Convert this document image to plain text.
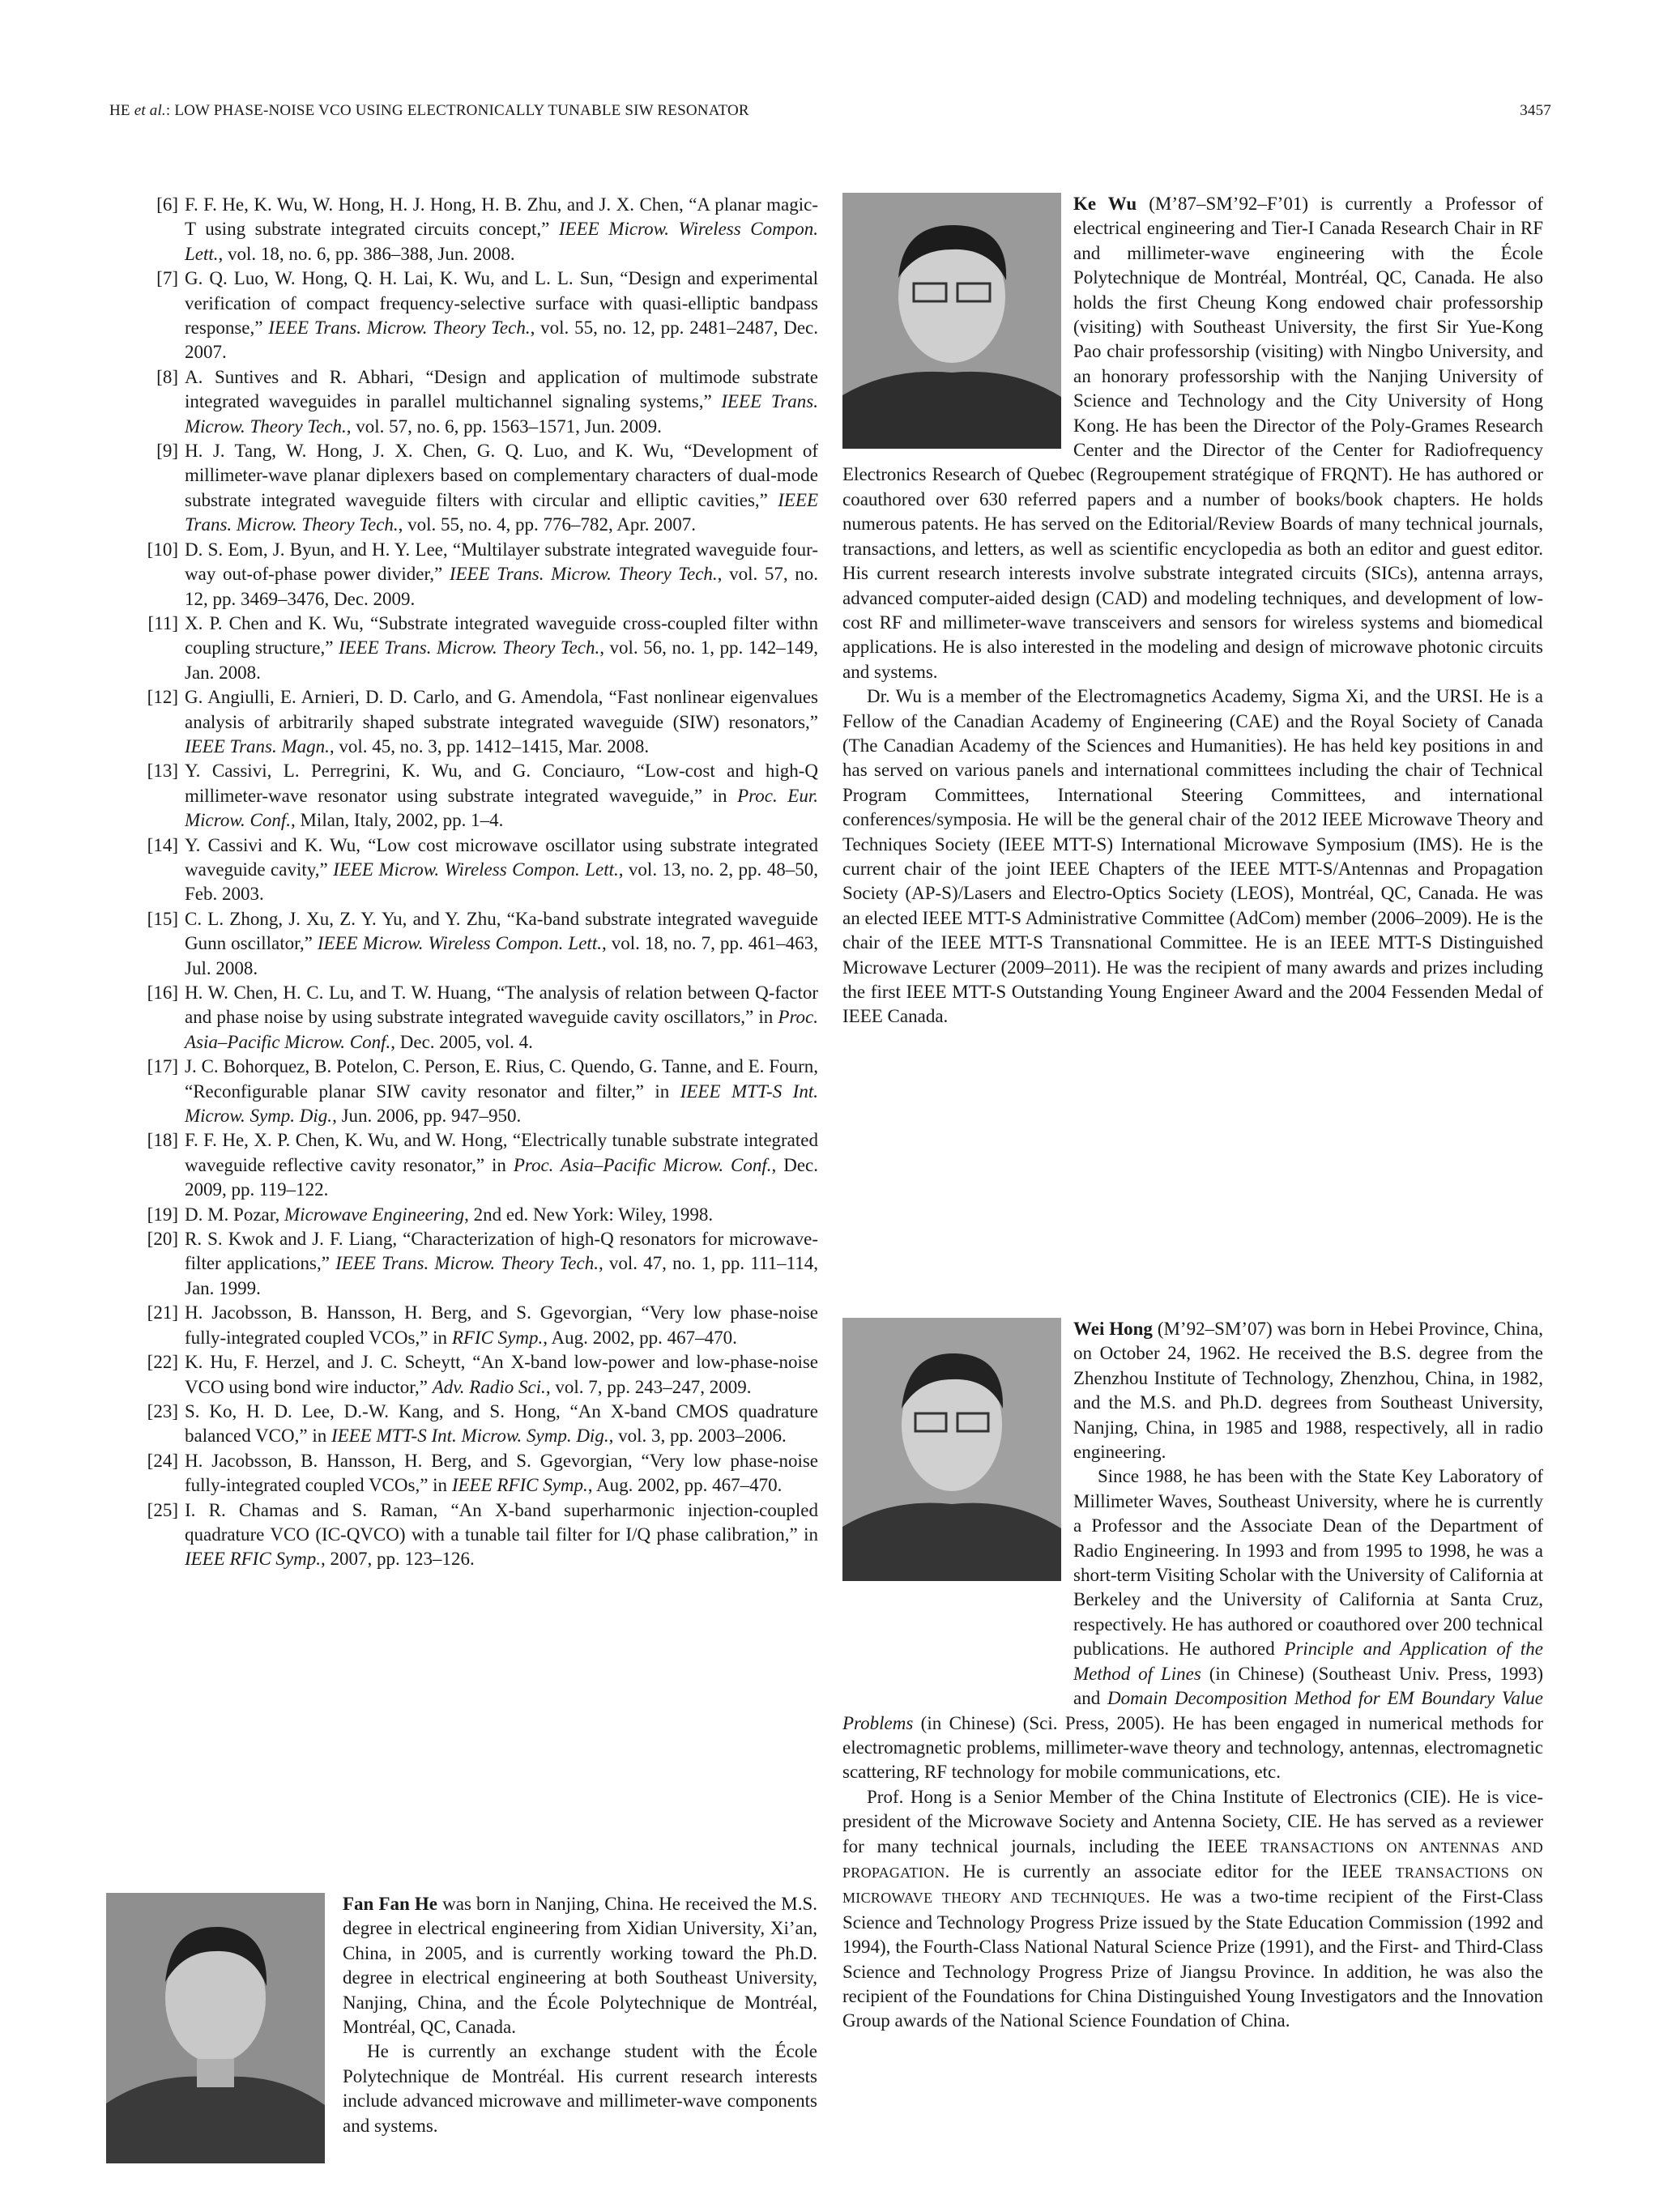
HE et al.: LOW PHASE-NOISE VCO USING ELECTRONICALLY TUNABLE SIW RESONATOR	3457

[6] F. F. He, K. Wu, W. Hong, H. J. Hong, H. B. Zhu, and J. X. Chen, “A planar magic-T using substrate integrated circuits concept,” IEEE Microw. Wireless Compon. Lett., vol. 18, no. 6, pp. 386–388, Jun. 2008.

[7] G. Q. Luo, W. Hong, Q. H. Lai, K. Wu, and L. L. Sun, “Design and experimental verification of compact frequency-selective surface with quasi-elliptic bandpass response,” IEEE Trans. Microw. Theory Tech., vol. 55, no. 12, pp. 2481–2487, Dec. 2007.

[8] A. Suntives and R. Abhari, “Design and application of multimode substrate integrated waveguides in parallel multichannel signaling systems,” IEEE Trans. Microw. Theory Tech., vol. 57, no. 6, pp. 1563–1571, Jun. 2009.

[9] H. J. Tang, W. Hong, J. X. Chen, G. Q. Luo, and K. Wu, “Development of millimeter-wave planar diplexers based on complementary characters of dual-mode substrate integrated waveguide filters with circular and elliptic cavities,” IEEE Trans. Microw. Theory Tech., vol. 55, no. 4, pp. 776–782, Apr. 2007.

[10] D. S. Eom, J. Byun, and H. Y. Lee, “Multilayer substrate integrated waveguide four-way out-of-phase power divider,” IEEE Trans. Microw. Theory Tech., vol. 57, no. 12, pp. 3469–3476, Dec. 2009.

[11] X. P. Chen and K. Wu, “Substrate integrated waveguide cross-coupled filter withn coupling structure,” IEEE Trans. Microw. Theory Tech., vol. 56, no. 1, pp. 142–149, Jan. 2008.

[12] G. Angiulli, E. Arnieri, D. D. Carlo, and G. Amendola, “Fast nonlinear eigenvalues analysis of arbitrarily shaped substrate integrated waveguide (SIW) resonators,” IEEE Trans. Magn., vol. 45, no. 3, pp. 1412–1415, Mar. 2008.

[13] Y. Cassivi, L. Perregrini, K. Wu, and G. Conciauro, “Low-cost and high-Q millimeter-wave resonator using substrate integrated waveguide,” in Proc. Eur. Microw. Conf., Milan, Italy, 2002, pp. 1–4.

[14] Y. Cassivi and K. Wu, “Low cost microwave oscillator using substrate integrated waveguide cavity,” IEEE Microw. Wireless Compon. Lett., vol. 13, no. 2, pp. 48–50, Feb. 2003.

[15] C. L. Zhong, J. Xu, Z. Y. Yu, and Y. Zhu, “Ka-band substrate integrated waveguide Gunn oscillator,” IEEE Microw. Wireless Compon. Lett., vol. 18, no. 7, pp. 461–463, Jul. 2008.

[16] H. W. Chen, H. C. Lu, and T. W. Huang, “The analysis of relation between Q-factor and phase noise by using substrate integrated waveguide cavity oscillators,” in Proc. Asia–Pacific Microw. Conf., Dec. 2005, vol. 4.

[17] J. C. Bohorquez, B. Potelon, C. Person, E. Rius, C. Quendo, G. Tanne, and E. Fourn, “Reconfigurable planar SIW cavity resonator and filter,” in IEEE MTT-S Int. Microw. Symp. Dig., Jun. 2006, pp. 947–950.

[18] F. F. He, X. P. Chen, K. Wu, and W. Hong, “Electrically tunable substrate integrated waveguide reflective cavity resonator,” in Proc. Asia–Pacific Microw. Conf., Dec. 2009, pp. 119–122.

[19] D. M. Pozar, Microwave Engineering, 2nd ed. New York: Wiley, 1998.

[20] R. S. Kwok and J. F. Liang, “Characterization of high-Q resonators for microwave-filter applications,” IEEE Trans. Microw. Theory Tech., vol. 47, no. 1, pp. 111–114, Jan. 1999.

[21] H. Jacobsson, B. Hansson, H. Berg, and S. Ggevorgian, “Very low phase-noise fully-integrated coupled VCOs,” in RFIC Symp., Aug. 2002, pp. 467–470.

[22] K. Hu, F. Herzel, and J. C. Scheytt, “An X-band low-power and low-phase-noise VCO using bond wire inductor,” Adv. Radio Sci., vol. 7, pp. 243–247, 2009.

[23] S. Ko, H. D. Lee, D.-W. Kang, and S. Hong, “An X-band CMOS quadrature balanced VCO,” in IEEE MTT-S Int. Microw. Symp. Dig., vol. 3, pp. 2003–2006.

[24] H. Jacobsson, B. Hansson, H. Berg, and S. Ggevorgian, “Very low phase-noise fully-integrated coupled VCOs,” in IEEE RFIC Symp., Aug. 2002, pp. 467–470.

[25] I. R. Chamas and S. Raman, “An X-band superharmonic injection-coupled quadrature VCO (IC-QVCO) with a tunable tail filter for I/Q phase calibration,” in IEEE RFIC Symp., 2007, pp. 123–126.

Fan Fan He was born in Nanjing, China. He received the M.S. degree in electrical engineering from Xidian University, Xi’an, China, in 2005, and is currently working toward the Ph.D. degree in electrical engineering at both Southeast University, Nanjing, China, and the École Polytechnique de Montréal, Montréal, QC, Canada.

He is currently an exchange student with the École Polytechnique de Montréal. His current research interests include advanced microwave and millimeter-wave components and systems.

Ke Wu (M’87–SM’92–F’01) is currently a Professor of electrical engineering and Tier-I Canada Research Chair in RF and millimeter-wave engineering with the École Polytechnique de Montréal, Montréal, QC, Canada. He also holds the first Cheung Kong endowed chair professorship (visiting) with Southeast University, the first Sir Yue-Kong Pao chair professorship (visiting) with Ningbo University, and an honorary professorship with the Nanjing University of Science and Technology and the City University of Hong Kong. He has been the Director of the Poly-Grames Research Center and the Director of the Center for Radiofrequency Electronics Research of Quebec (Regroupement stratégique of FRQNT). He has authored or coauthored over 630 referred papers and a number of books/book chapters. He holds numerous patents. He has served on the Editorial/Review Boards of many technical journals, transactions, and letters, as well as scientific encyclopedia as both an editor and guest editor. His current research interests involve substrate integrated circuits (SICs), antenna arrays, advanced computer-aided design (CAD) and modeling techniques, and development of low-cost RF and millimeter-wave transceivers and sensors for wireless systems and biomedical applications. He is also interested in the modeling and design of microwave photonic circuits and systems.

Dr. Wu is a member of the Electromagnetics Academy, Sigma Xi, and the URSI. He is a Fellow of the Canadian Academy of Engineering (CAE) and the Royal Society of Canada (The Canadian Academy of the Sciences and Humanities). He has held key positions in and has served on various panels and international committees including the chair of Technical Program Committees, International Steering Committees, and international conferences/symposia. He will be the general chair of the 2012 IEEE Microwave Theory and Techniques Society (IEEE MTT-S) International Microwave Symposium (IMS). He is the current chair of the joint IEEE Chapters of the IEEE MTT-S/Antennas and Propagation Society (AP-S)/Lasers and Electro-Optics Society (LEOS), Montréal, QC, Canada. He was an elected IEEE MTT-S Administrative Committee (AdCom) member (2006–2009). He is the chair of the IEEE MTT-S Transnational Committee. He is an IEEE MTT-S Distinguished Microwave Lecturer (2009–2011). He was the recipient of many awards and prizes including the first IEEE MTT-S Outstanding Young Engineer Award and the 2004 Fessenden Medal of IEEE Canada.

Wei Hong (M’92–SM’07) was born in Hebei Province, China, on October 24, 1962. He received the B.S. degree from the Zhenzhou Institute of Technology, Zhenzhou, China, in 1982, and the M.S. and Ph.D. degrees from Southeast University, Nanjing, China, in 1985 and 1988, respectively, all in radio engineering.

Since 1988, he has been with the State Key Laboratory of Millimeter Waves, Southeast University, where he is currently a Professor and the Associate Dean of the Department of Radio Engineering. In 1993 and from 1995 to 1998, he was a short-term Visiting Scholar with the University of California at Berkeley and the University of California at Santa Cruz, respectively. He has authored or coauthored over 200 technical publications. He authored Principle and Application of the Method of Lines (in Chinese) (Southeast Univ. Press, 1993) and Domain Decomposition Method for EM Boundary Value Problems (in Chinese) (Sci. Press, 2005). He has been engaged in numerical methods for electromagnetic problems, millimeter-wave theory and technology, antennas, electromagnetic scattering, RF technology for mobile communications, etc.

Prof. Hong is a Senior Member of the China Institute of Electronics (CIE). He is vice-president of the Microwave Society and Antenna Society, CIE. He has served as a reviewer for many technical journals, including the IEEE TRANSACTIONS ON ANTENNAS AND PROPAGATION. He is currently an associate editor for the IEEE TRANSACTIONS ON MICROWAVE THEORY AND TECHNIQUES. He was a two-time recipient of the First-Class Science and Technology Progress Prize issued by the State Education Commission (1992 and 1994), the Fourth-Class National Natural Science Prize (1991), and the First- and Third-Class Science and Technology Progress Prize of Jiangsu Province. In addition, he was also the recipient of the Foundations for China Distinguished Young Investigators and the Innovation Group awards of the National Science Foundation of China.
